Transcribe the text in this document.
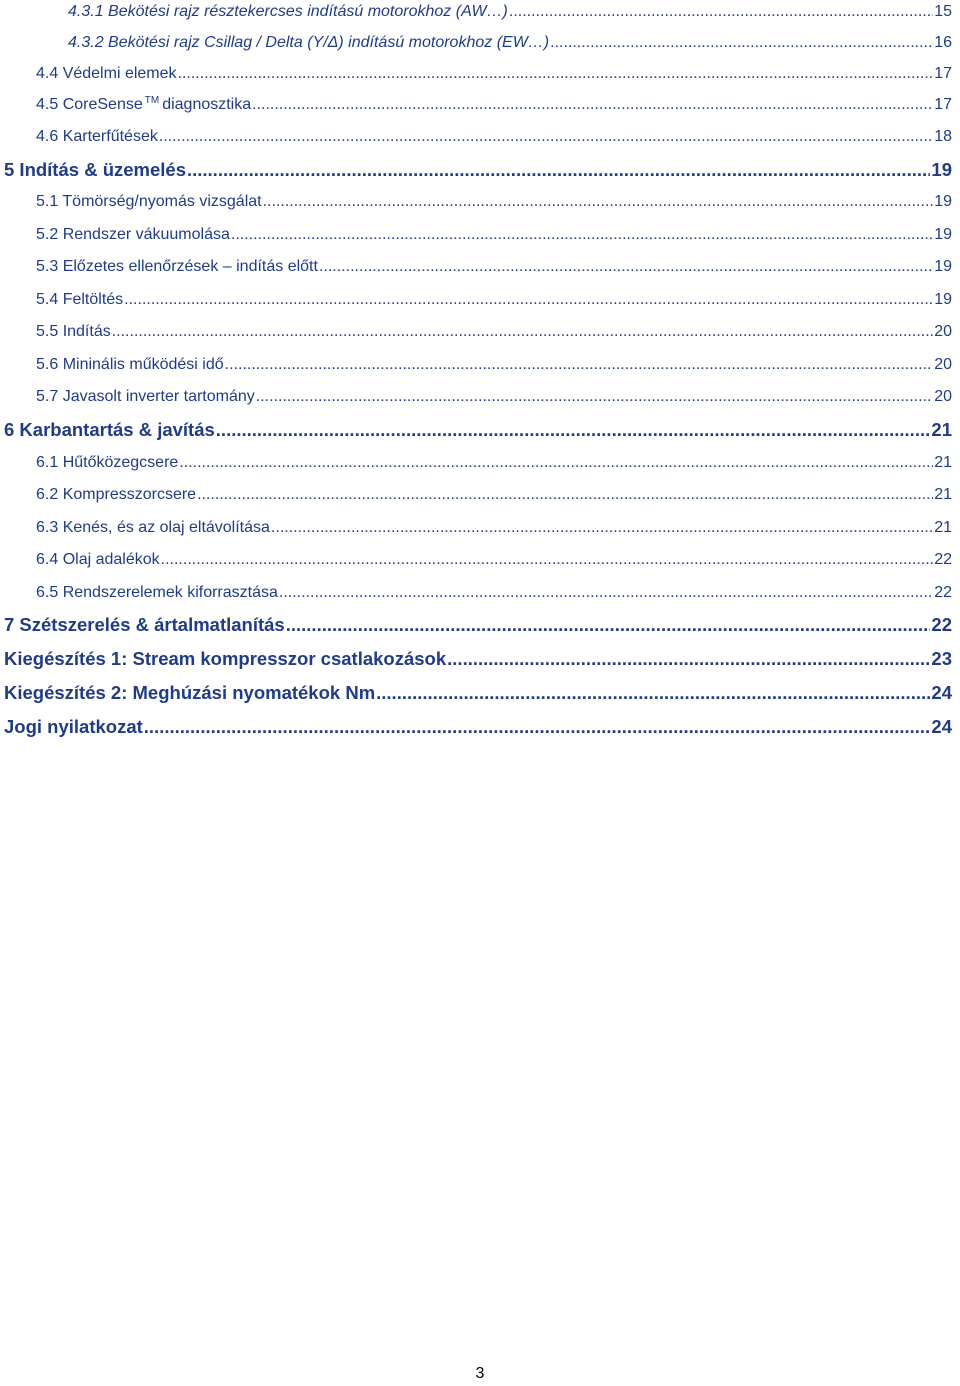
4.3.1 Bekötési rajz résztekercses indítású motorokhoz (AW…) .....	15
4.3.2 Bekötési rajz Csillag / Delta (Y/Δ) indítású motorokhoz (EW…) .....	16
4.4 Védelmi elemek .....	17
4.5 CoreSense ™ diagnosztika .....	17
4.6 Karterfűtések .....	18
5 Indítás & üzemelés .....	19
5.1 Tömörség/nyomás vizsgálat .....	19
5.2 Rendszer vákuumolása .....	19
5.3 Előzetes ellenőrzések – indítás előtt .....	19
5.4 Feltöltés .....	19
5.5 Indítás .....	20
5.6 Mininális működési idő .....	20
5.7 Javasolt inverter tartomány .....	20
6 Karbantartás & javítás .....	21
6.1 Hűtőközegcsere .....	21
6.2 Kompresszorcsere .....	21
6.3 Kenés, és az olaj eltávolítása .....	21
6.4 Olaj adalékok .....	22
6.5 Rendszerelemek kiforrasztása .....	22
7 Szétszerelés & ártalmatlanítás .....	22
Kiegészítés 1: Stream kompresszor csatlakozások .....	23
Kiegészítés 2: Meghúzási nyomatékok Nm .....	24
Jogi nyilatkozat .....	24
3
